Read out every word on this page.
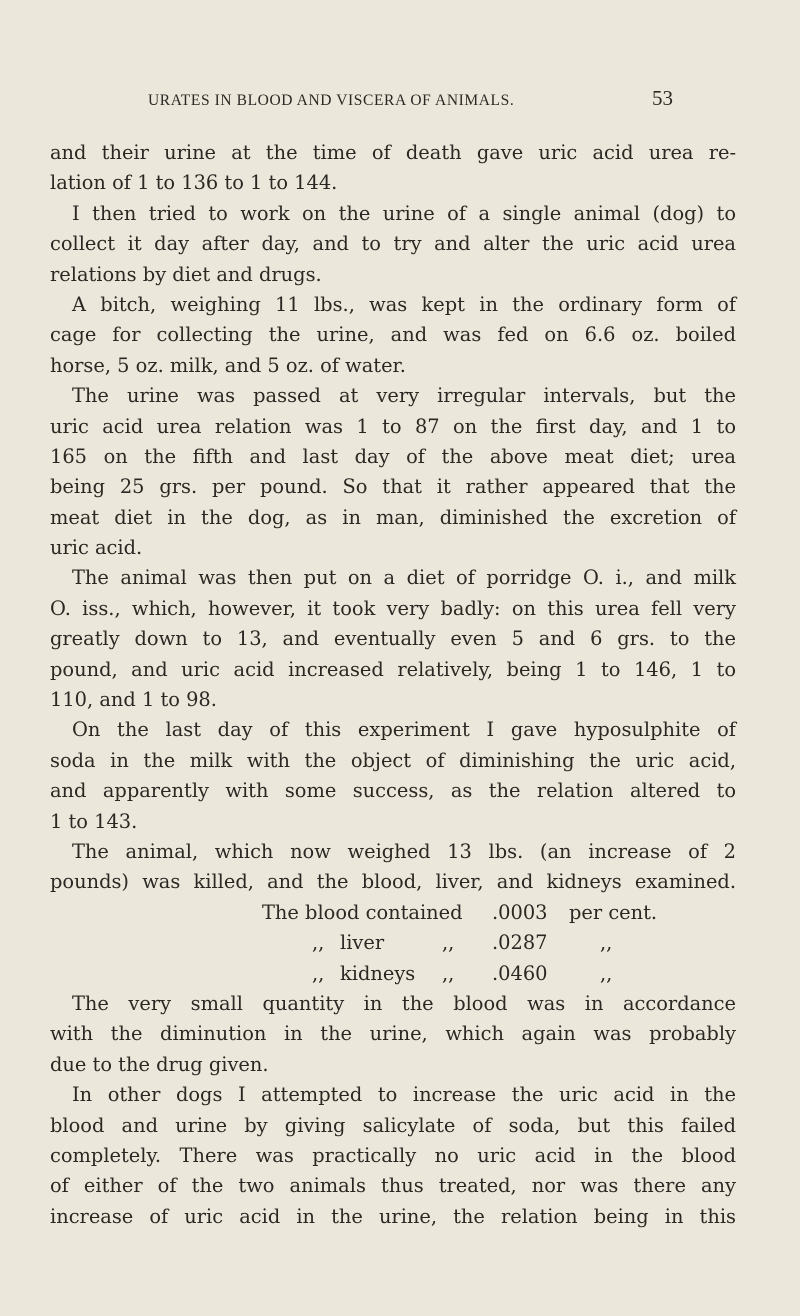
URATES IN BLOOD AND VISCERA OF ANIMALS.	53
and their urine at the time of death gave uric acid urea re-
lation of 1 to 136 to 1 to 144.
I then tried to work on the urine of a single animal (dog) to
collect it day after day, and to try and alter the uric acid urea
relations by diet and drugs.
A bitch, weighing 11 lbs., was kept in the ordinary form of
cage for collecting the urine, and was fed on 6.6 oz. boiled
horse, 5 oz. milk, and 5 oz. of water.
The urine was passed at very irregular intervals, but the
uric acid urea relation was 1 to 87 on the first day, and 1 to
165 on the fifth and last day of the above meat diet; urea
being 25 grs. per pound. So that it rather appeared that the
meat diet in the dog, as in man, diminished the excretion of
uric acid.
The animal was then put on a diet of porridge O. i., and milk
O. iss., which, however, it took very badly: on this urea fell very
greatly down to 13, and eventually even 5 and 6 grs. to the
pound, and uric acid increased relatively, being 1 to 146, 1 to
110, and 1 to 98.
On the last day of this experiment I gave hyposulphite of
soda in the milk with the object of diminishing the uric acid,
and apparently with some success, as the relation altered to
1 to 143.
The animal, which now weighed 13 lbs. (an increase of 2
pounds) was killed, and the blood, liver, and kidneys examined.
The blood contained .0003 per cent.
,, liver	,, .0287	,,
,, kidneys ,, .0460	,,
The very small quantity in the blood was in accordance
with the diminution in the urine, which again was probably
due to the drug given.
In other dogs I attempted to increase the uric acid in the
blood and urine by giving salicylate of soda, but this failed
completely. There was practically no uric acid in the blood
of either of the two animals thus treated, nor was there any
increase of uric acid in the urine, the relation being in this
